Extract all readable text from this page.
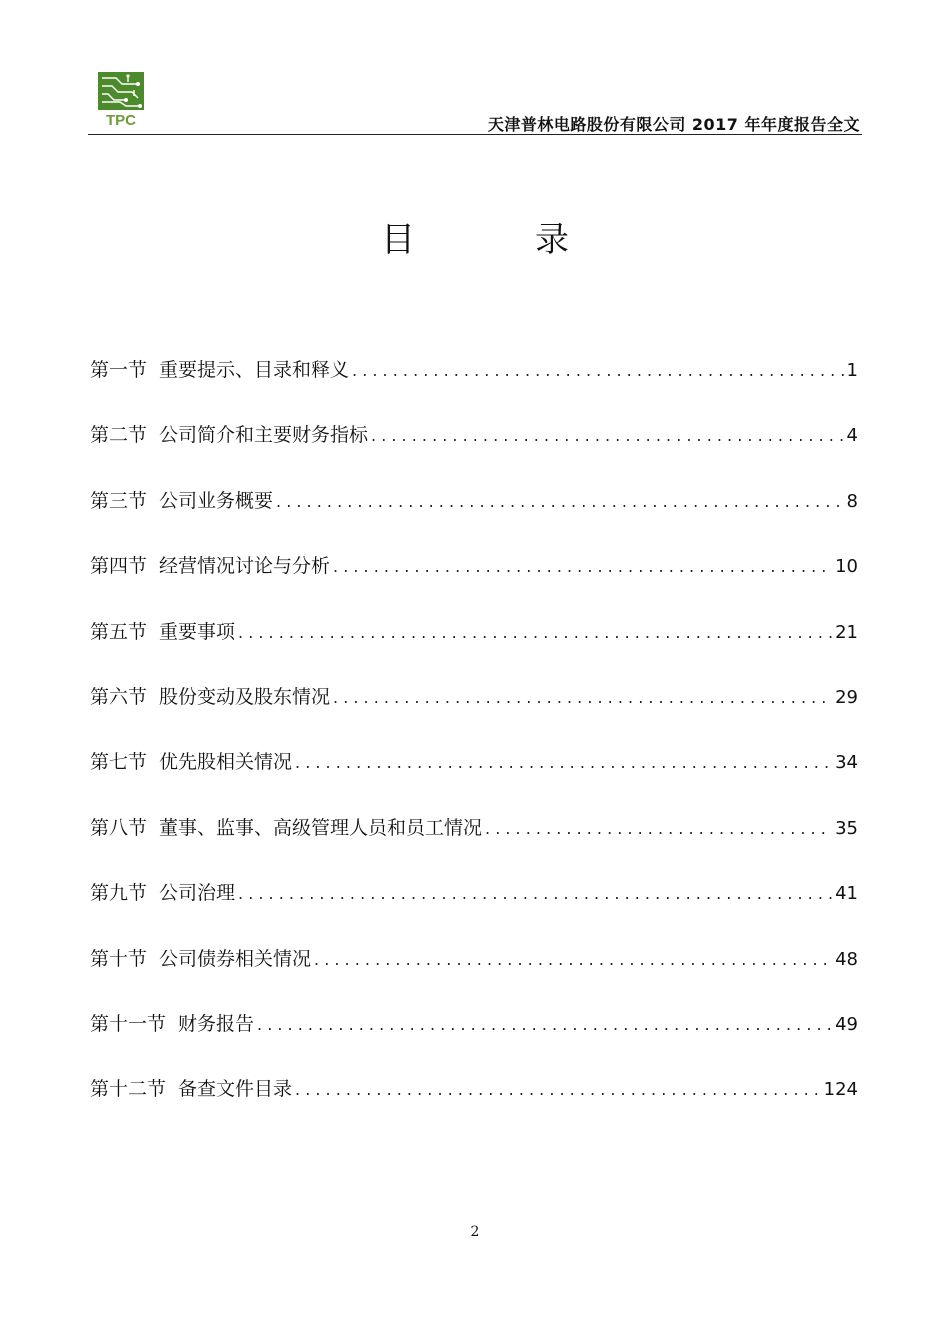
TPC	天津普林电路股份有限公司 2017 年年度报告全文
目录
第一节 重要提示、目录和释义 . . .	1
第二节 公司简介和主要财务指标 . . .	4
第三节 公司业务概要 . . .	8
第四节 经营情况讨论与分析 . . .	10
第五节 重要事项 . . .	21
第六节 股份变动及股东情况 . . .	29
第七节 优先股相关情况 . . .	34
第八节 董事、监事、高级管理人员和员工情况 . . .	35
第九节 公司治理 . . .	41
第十节 公司债券相关情况 . . .	48
第十一节 财务报告 . . .	49
第十二节 备查文件目录 . . .	124
2
